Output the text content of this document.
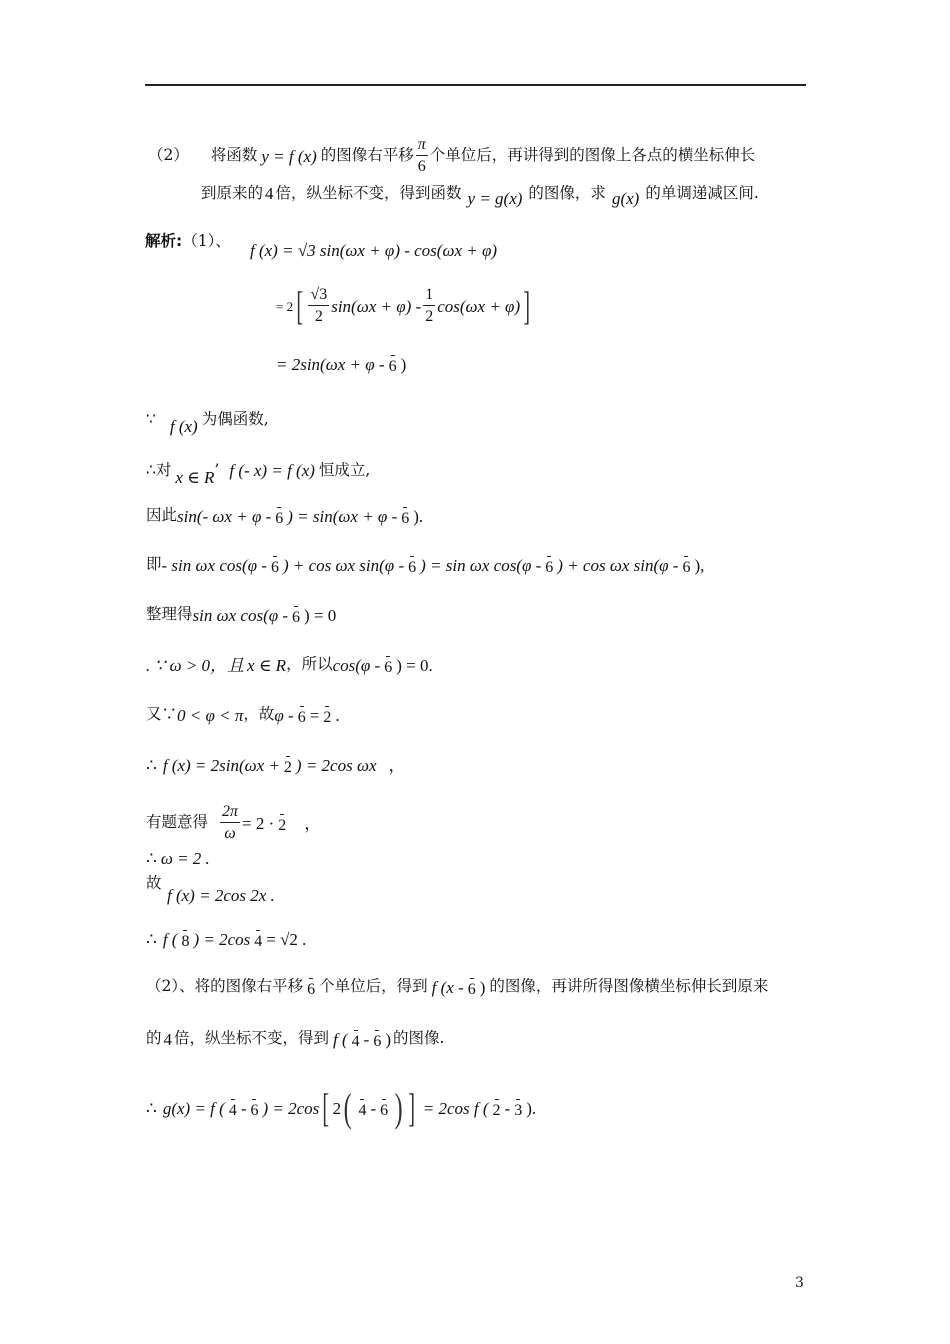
（2） 将函数 y = f (x) 的图像右平移 $\frac{\pi}{6}$ 个单位后，再讲得到的图像上各点的横坐标伸长
到原来的 4 倍，纵坐标不变，得到函数 y = g(x) 的图像，求 g(x) 的单调递减区间.
解析: （1）、 f (x) = √3 sin(ωx + φ) - cos(ωx + φ)
= 2 [ $\frac{√3}{2} \sin(\omega x + \varphi) - \frac{1}{2} \cos(\omega x + \varphi)$ ]
= 2sin(ωx + φ - 6 )
∵ f (x) 为偶函数,
∴ 对 x ∈ R ’ f (- x) = f (x) 恒成立,
因此 sin(- ωx + φ - 6 ) = sin(ωx + φ - 6 ).
即 - sin ωx cos(φ - 6 ) + cos ωx sin(φ - 6 ) = sin ωx cos(φ - 6 ) + cos ωx sin(φ - 6 ),
整理得 sin ωx cos(φ - 6 ) = 0
. ∵ ω > 0，且 x ∈ R ，所以 cos(φ - 6 ) = 0.
又∵ 0 < φ < π ，故 φ - 6 = 2 .
∴ f (x) = 2sin(ωx + 2 ) = 2cos ωx ，
有题意得 $\frac{2\pi}{\omega} = 2 \cdot 2$ ，
∴ ω = 2 .
故
f (x) = 2cos 2x .
∴ f ( 8 ) = 2cos 4 = √2 .
（2）、将的图像右平移 6 个单位后，得到 f (x - 6 ) 的图像，再讲所得图像横坐标伸长到原来
的 4 倍，纵坐标不变，得到 f ( 4 - 6 ) 的图像.
∴ g(x) = f ( 4 - 6 ) = 2cos [ 2 ( 4 - 6 ) ] = 2cos f ( 2 - 3 ).
3
